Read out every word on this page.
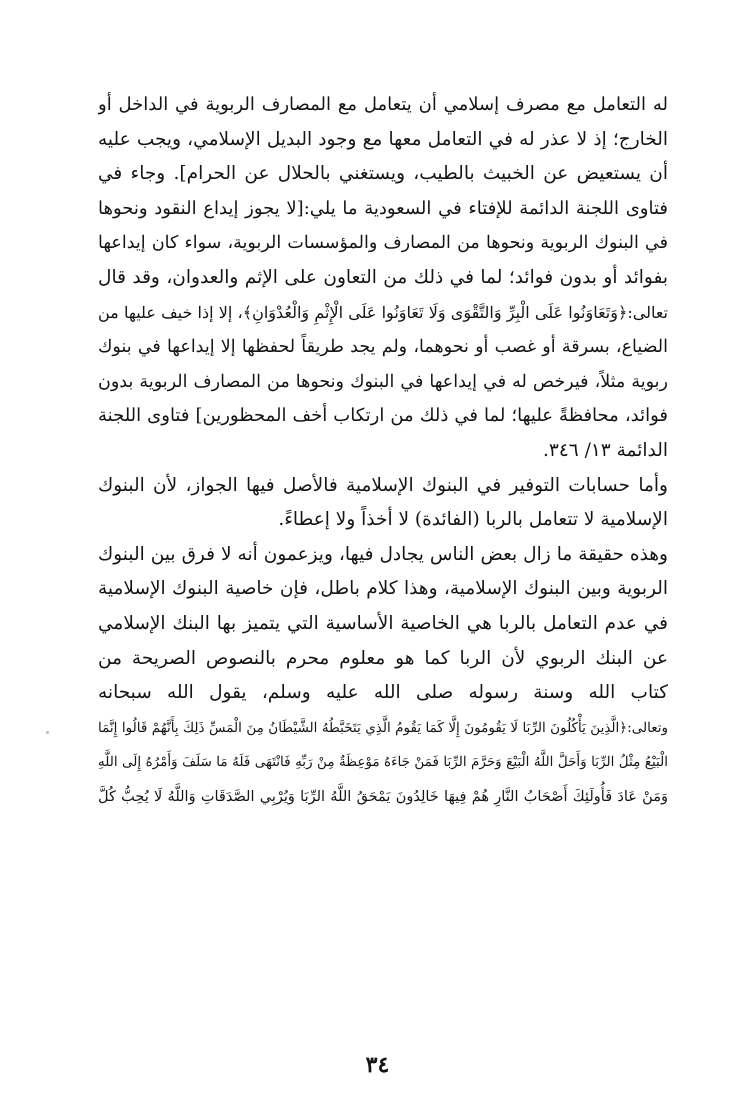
له التعامل مع مصرف إسلامي أن يتعامل مع المصارف الربوية في الداخل أو
الخارج؛ إذ لا عذر له في التعامل معها مع وجود البديل الإسلامي، ويجب عليه
أن يستعيض عن الخبيث بالطيب، ويستغني بالحلال عن الحرام]. وجاء في
فتاوى اللجنة الدائمة للإفتاء في السعودية ما يلي:[لا يجوز إيداع النقود ونحوها
في البنوك الربوية ونحوها من المصارف والمؤسسات الربوية، سواء كان إيداعها
بفوائد أو بدون فوائد؛ لما في ذلك من التعاون على الإثم والعدوان، وقد قال
تعالى:﴿وَتَعَاوَنُوا عَلَى الْبِرِّ وَالتَّقْوَى وَلَا تَعَاوَنُوا عَلَى الْإِثْمِ وَالْعُدْوَانِ﴾، إلا إذا خيف عليها من
الضياع، بسرقة أو غصب أو نحوهما، ولم يجد طريقاً لحفظها إلا إيداعها في بنوك
ربوية مثلاً، فيرخص له في إيداعها في البنوك ونحوها من المصارف الربوية بدون
فوائد، محافظةً عليها؛ لما في ذلك من ارتكاب أخف المحظورين] فتاوى اللجنة
الدائمة ١٣/ ٣٤٦.

وأما حسابات التوفير في البنوك الإسلامية فالأصل فيها الجواز، لأن البنوك
الإسلامية لا تتعامل بالربا (الفائدة) لا أخذاً ولا إعطاءً.

وهذه حقيقة ما زال بعض الناس يجادل فيها، ويزعمون أنه لا فرق بين البنوك
الربوية وبين البنوك الإسلامية، وهذا كلام باطل، فإن خاصية البنوك الإسلامية
في عدم التعامل بالربا هي الخاصية الأساسية التي يتميز بها البنك الإسلامي
عن البنك الربوي لأن الربا كما هو معلوم محرم بالنصوص الصريحة من
كتاب الله وسنة رسوله صلى الله عليه وسلم، يقول الله سبحانه
وتعالى:﴿الَّذِينَ يَأْكُلُونَ الرِّبَا لَا يَقُومُونَ إِلَّا كَمَا يَقُومُ الَّذِي يَتَخَبَّطُهُ الشَّيْطَانُ مِنَ الْمَسِّ ذَلِكَ بِأَنَّهُمْ قَالُوا إِنَّمَا
الْبَيْعُ مِثْلُ الرِّبَا وَأَحَلَّ اللَّهُ الْبَيْعَ وَحَرَّمَ الرِّبَا فَمَنْ جَاءَهُ مَوْعِظَةٌ مِنْ رَبِّهِ فَانْتَهَى فَلَهُ مَا سَلَفَ وَأَمْرُهُ إِلَى اللَّهِ
وَمَنْ عَادَ فَأُولَئِكَ أَصْحَابُ النَّارِ هُمْ فِيهَا خَالِدُونَ يَمْحَقُ اللَّهُ الرِّبَا وَيُرْبِي الصَّدَقَاتِ وَاللَّهُ لَا يُحِبُّ كُلَّ

٣٤
